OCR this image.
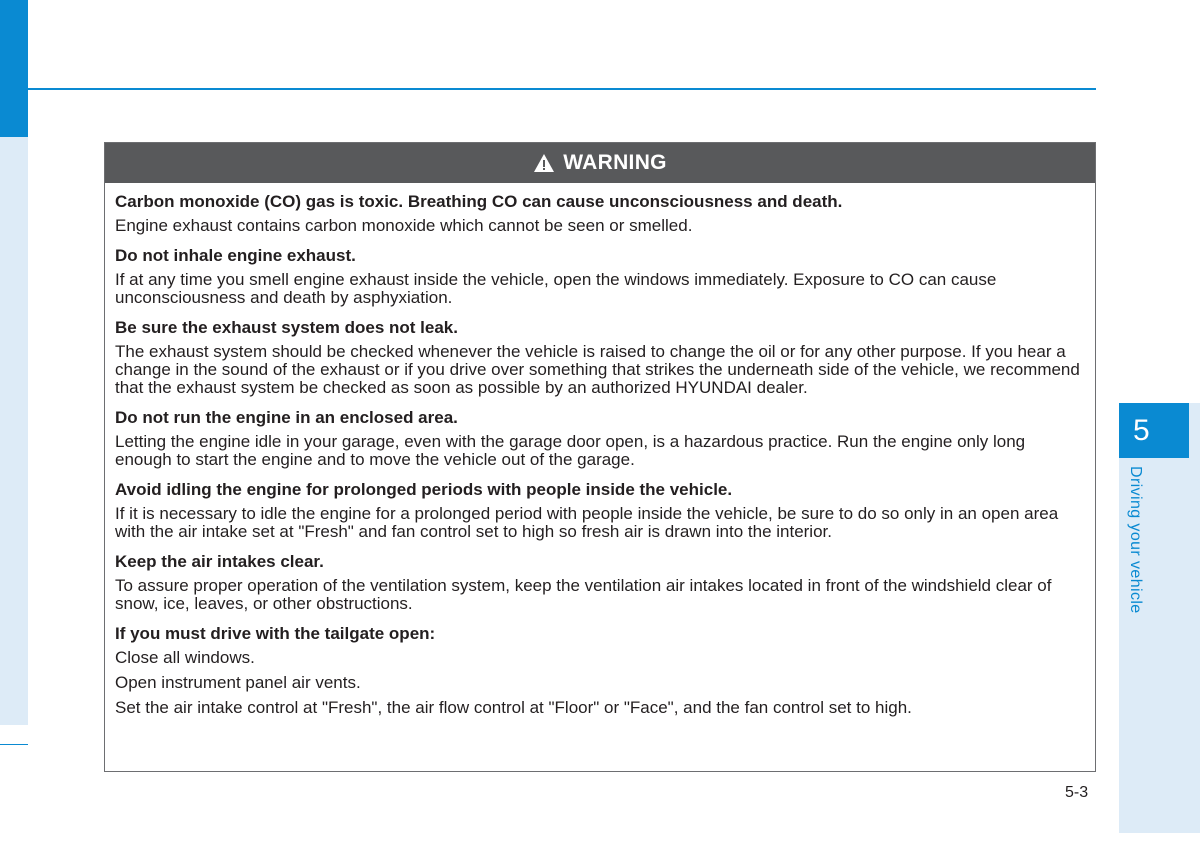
5
Driving your vehicle
WARNING
Carbon monoxide (CO) gas is toxic. Breathing CO can cause unconsciousness and death.

Engine exhaust contains carbon monoxide which cannot be seen or smelled.

Do not inhale engine exhaust.

If at any time you smell engine exhaust inside the vehicle, open the windows immediately. Exposure to CO can cause unconsciousness and death by asphyxiation.

Be sure the exhaust system does not leak.

The exhaust system should be checked whenever the vehicle is raised to change the oil or for any other purpose. If you hear a change in the sound of the exhaust or if you drive over something that strikes the underneath side of the vehicle, we recommend that the exhaust system be checked as soon as possible by an authorized HYUNDAI dealer.

Do not run the engine in an enclosed area.

Letting the engine idle in your garage, even with the garage door open, is a hazardous practice. Run the engine only long enough to start the engine and to move the vehicle out of the garage.

Avoid idling the engine for prolonged periods with people inside the vehicle.

If it is necessary to idle the engine for a prolonged period with people inside the vehicle, be sure to do so only in an open area with the air intake set at "Fresh" and fan control set to high so fresh air is drawn into the interior.

Keep the air intakes clear.

To assure proper operation of the ventilation system, keep the ventilation air intakes located in front of the windshield clear of snow, ice, leaves, or other obstructions.

If you must drive with the tailgate open:
Close all windows.
Open instrument panel air vents.
Set the air intake control at "Fresh", the air flow control at "Floor" or "Face", and the fan control set to high.
5-3
